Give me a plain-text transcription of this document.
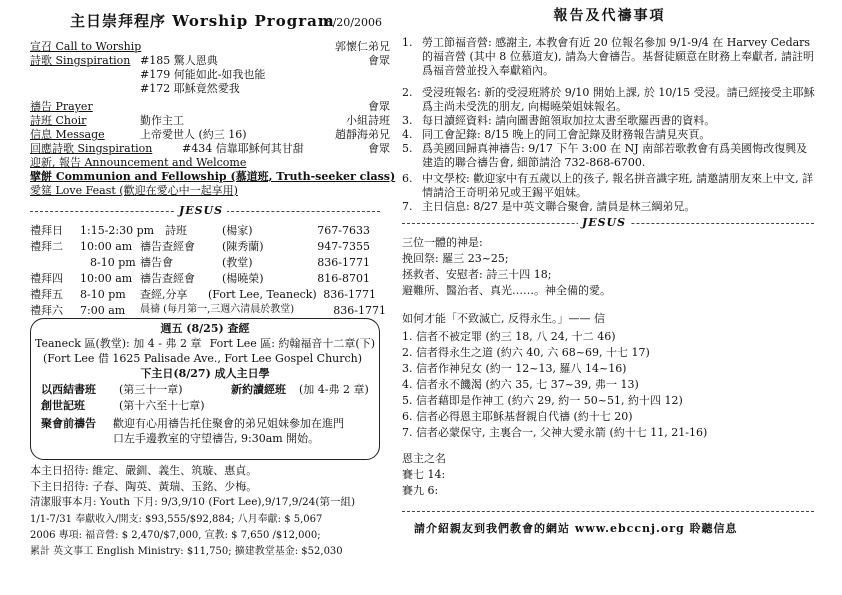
主日崇拜程序 Worship Program
8/20/2006
宣召 Call to Worship	郭懷仁弟兄
詩歌 Singspiration #185 驚人恩典	會眾
#179 何能如此-如我也能
#172 耶穌竟然愛我
禱告 Prayer	會眾
詩班 Choir	勤作主工	小組詩班
信息 Message	上帝愛世人 (約三 16)	趙靜海弟兄
回應詩歌 Singspiration	#434 信靠耶穌何其甘甜	會眾
迎新, 報告 Announcement and Welcome
擘餅 Communion and Fellowship (慕道班, Truth-seeker class)
愛筵 Love Feast (歡迎在愛心中一起享用)
JESUS
禮拜日 1:15-2:30 pm 詩班	(楊家)	767-7633
禮拜二 10:00 am 禱告查經會 (陳秀蘭)	947-7355
8-10 pm 禱告會	(教堂)	836-1771
禮拜四 10:00 am 禱告查經會 (楊曉榮)	816-8701
禮拜五 8-10 pm 查經,分享 (Fort Lee, Teaneck) 836-1771
禮拜六 7:00 am 晨禱 (每月第一,三週六清晨於教堂)	836-1771
週五 (8/25) 查經
Teaneck 區(教堂): 加 4 - 弗 2 章 Fort Lee 區: 約翰福音十二章(下)
(Fort Lee 借 1625 Palisade Ave., Fort Lee Gospel Church)
下主日(8/27) 成人主日學
以西結書班 (第三十一章)	新約讀經班 (加 4-弗 2 章)
創世記班	(第十六至十七章)
聚會前禱告 歡迎有心用禱告托住聚會的弟兄姐妹參加在進門
口左手邊教室的守望禱告, 9:30am 開始。
本主日招待: 維定、嚴釧、義生、筑璇、惠貞。
下主日招待: 子春、陶英、黃瑞、玉銘、少梅。
清潔服事本月: Youth 下月: 9/3,9/10 (Fort Lee),9/17,9/24(第一組)
1/1-7/31 奉獻收入/開支: $93,555/$92,884; 八月奉獻: $ 5,067
2006 專項: 福音營: $ 2,470/$7,000, 宣教: $ 7,650 /$12,000;
累計 英文事工 English Ministry: $11,750; 擴建教堂基金: $52,030
報告及代禱事項
1. 勞工節福音營: 感謝主, 本教會有近 20 位報名參加 9/1-9/4 在 Harvey Cedars 的福音營 (其中 8 位慕道友), 請為大會禱告。基督徒願意在財務上奉獻者, 請註明爲福音營並投入奉獻箱內。
2. 受浸班報名: 新的受浸班將於 9/10 開始上課, 於 10/15 受浸。請已經接受主耶穌爲主尚未受洗的朋友, 向楊曉榮姐妹報名。
3. 每日讀經資料: 請向圖書館領取加拉太書至歌羅西書的資料。
4. 同工會記錄: 8/15 晚上的同工會記錄及財務報告請見夾頁。
5. 爲美國回歸真神禱告: 9/17 下午 3:00 在 NJ 南部若歌教會有爲美國悔改復興及建造的聯合禱告會, 細節請洽 732-868-6700.
6. 中文學校: 歡迎家中有五歲以上的孩子, 報名拼音識字班, 請邀請朋友來上中文, 詳情請洽王奇明弟兄或王錫平姐妹。
7. 主日信息: 8/27 是中英文聯合聚會, 請員是林三綱弟兄。
JESUS
三位一體的神是:
挽回祭: 羅三 23~25;
拯救者、安慰者: 詩三十四 18;
避難所、醫治者、真光……。神全備的愛。
如何才能「不致滅亡, 反得永生。」—— 信
1. 信者不被定罪 (約三 18, 八 24, 十二 46)
2. 信者得永生之道 (約六 40, 六 68~69, 十七 17)
3. 信者作神兒女 (約一 12~13, 羅八 14~16)
4. 信者永不饑渴 (約六 35, 七 37~39, 弗一 13)
5. 信者藉即是作神工 (約六 29, 約一 50~51, 約十四 12)
6. 信者必得恩主耶穌基督親自代禱 (約十七 20)
7. 信者必蒙保守, 主裏合一, 父神大愛永箭 (約十七 11, 21-16)
恩主之名
賽七 14:
賽九 6:
請介紹親友到我們教會的網站 www.ebccnj.org 聆聽信息
